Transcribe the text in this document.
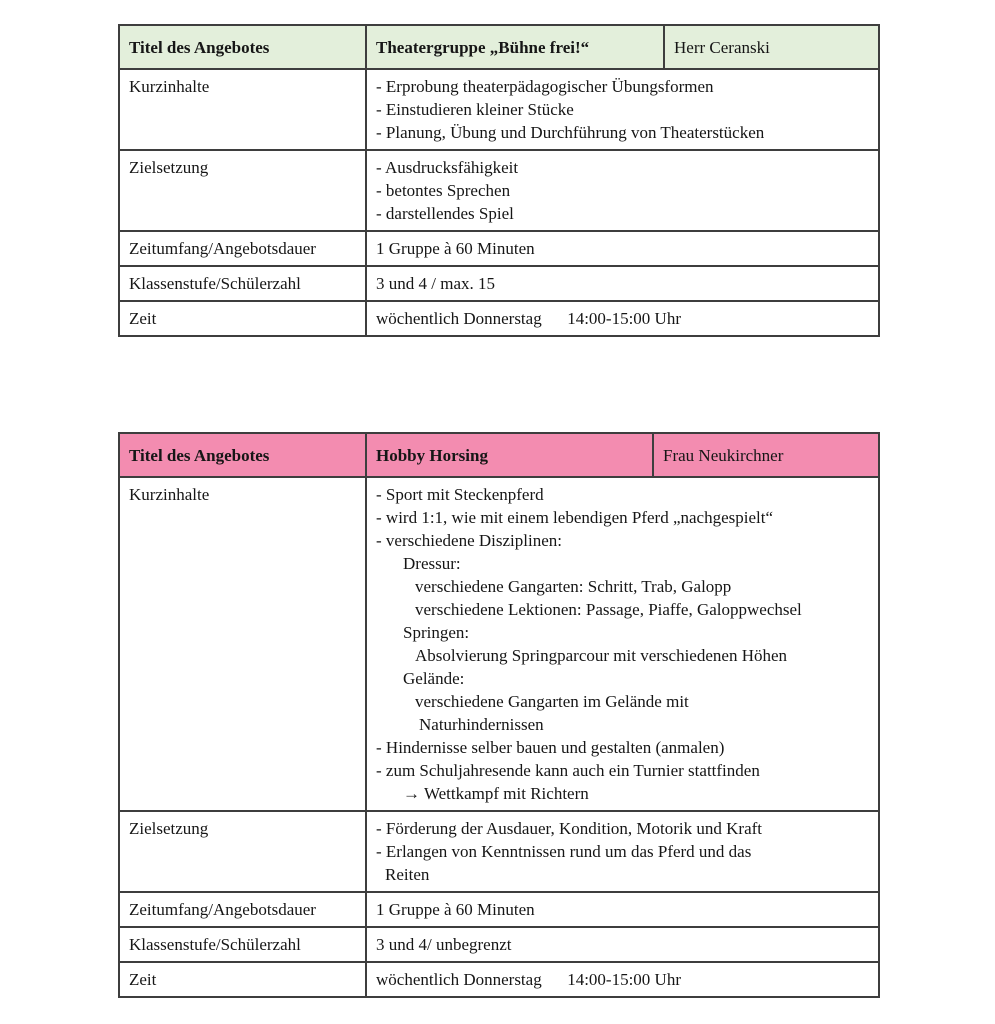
Titel des Angebotes	Theatergruppe „Bühne frei!“	Herr Ceranski
Kurzinhalte	- Erprobung theaterpädagogischer Übungsformen
- Einstudieren kleiner Stücke
- Planung, Übung und Durchführung von Theaterstücken	

Zielsetzung	- Ausdrucksfähigkeit
- betontes Sprechen
- darstellendes Spiel	

Zeitumfang/Angebotsdauer	1 Gruppe à 60 Minuten	

Klassenstufe/Schülerzahl	3 und 4 / max. 15	

Zeit	wöchentlich Donnerstag      14:00-15:00 Uhr	
Titel des Angebotes	Hobby Horsing	Frau Neukirchner
Kurzinhalte	- Sport mit Steckenpferd
- wird 1:1, wie mit einem lebendigen Pferd „nachgespielt“
- verschiedene Disziplinen:
Dressur:
verschiedene Gangarten: Schritt, Trab, Galopp
verschiedene Lektionen: Passage, Piaffe, Galoppwechsel
Springen:
Absolvierung Springparcour mit verschiedenen Höhen
Gelände:
verschiedene Gangarten im Gelände mit
Naturhindernissen
- Hindernisse selber bauen und gestalten (anmalen)
- zum Schuljahresende kann auch ein Turnier stattfinden
→ Wettkampf mit Richtern

Zielsetzung	- Förderung der Ausdauer, Kondition, Motorik und Kraft
- Erlangen von Kenntnissen rund um das Pferd und das
Reiten	

Zeitumfang/Angebotsdauer	1 Gruppe à 60 Minuten	

Klassenstufe/Schülerzahl	3 und 4/ unbegrenzt	

Zeit	wöchentlich Donnerstag      14:00-15:00 Uhr	
